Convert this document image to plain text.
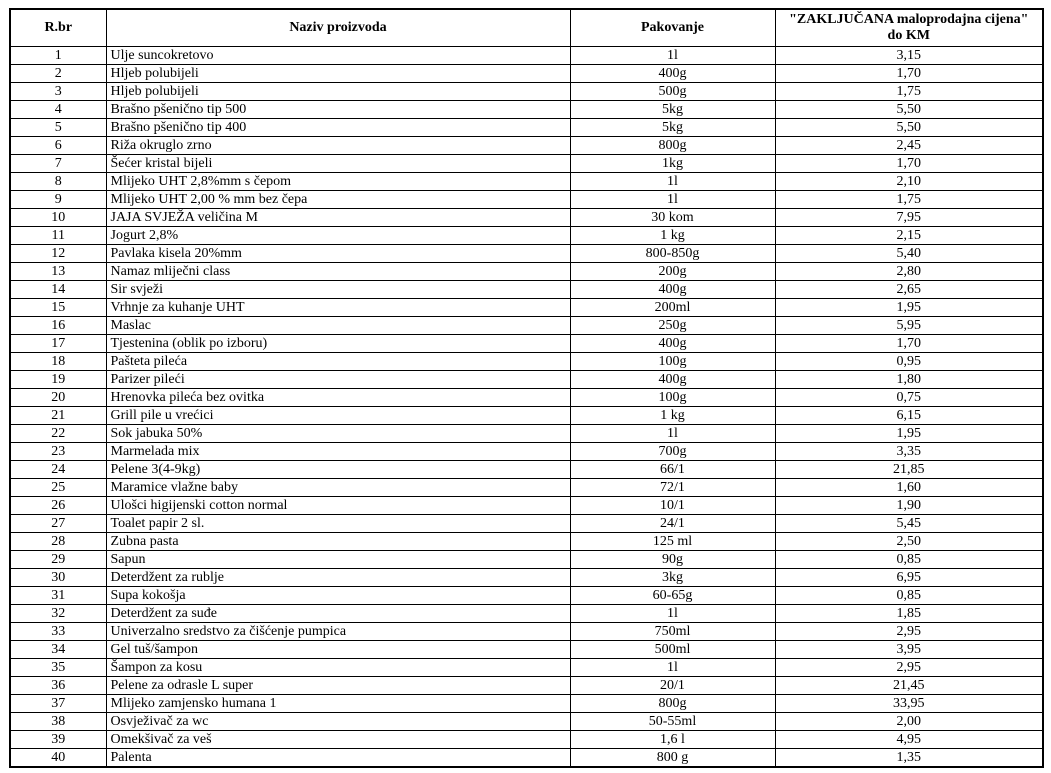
R.br	Naziv proizvoda	Pakovanje	"ZAKLJUČANA maloprodajna cijena"
do KM

1	Ulje suncokretovo	1l	3,15
2	Hljeb polubijeli	400g	1,70
3	Hljeb polubijeli	500g	1,75
4	Brašno pšenično tip 500	5kg	5,50
5	Brašno pšenično tip 400	5kg	5,50
6	Riža okruglo zrno	800g	2,45
7	Šećer kristal bijeli	1kg	1,70
8	Mlijeko UHT 2,8%mm s čepom	1l	2,10
9	Mlijeko UHT 2,00 % mm bez čepa	1l	1,75
10	JAJA SVJEŽA veličina M	30 kom	7,95
11	Jogurt 2,8%	1 kg	2,15
12	Pavlaka kisela 20%mm	800-850g	5,40
13	Namaz mliječni class	200g	2,80
14	Sir svježi	400g	2,65
15	Vrhnje za kuhanje UHT	200ml	1,95
16	Maslac	250g	5,95
17	Tjestenina (oblik po izboru)	400g	1,70
18	Pašteta pileća	100g	0,95
19	Parizer pileći	400g	1,80
20	Hrenovka pileća bez ovitka	100g	0,75
21	Grill pile u vrećici	1 kg	6,15
22	Sok jabuka 50%	1l	1,95
23	Marmelada mix	700g	3,35
24	Pelene 3(4-9kg)	66/1	21,85
25	Maramice vlažne baby	72/1	1,60
26	Ulošci higijenski cotton normal	10/1	1,90
27	Toalet papir 2 sl.	24/1	5,45
28	Zubna pasta	125 ml	2,50
29	Sapun	90g	0,85
30	Deterdžent za rublje	3kg	6,95
31	Supa kokošja	60-65g	0,85
32	Deterdžent za suđe	1l	1,85
33	Univerzalno sredstvo za čišćenje pumpica	750ml	2,95
34	Gel tuš/šampon	500ml	3,95
35	Šampon za kosu	1l	2,95
36	Pelene za odrasle L super	20/1	21,45
37	Mlijeko zamjensko humana 1	800g	33,95
38	Osvježivač za wc	50-55ml	2,00
39	Omekšivač za veš	1,6 l	4,95
40	Palenta	800 g	1,35
